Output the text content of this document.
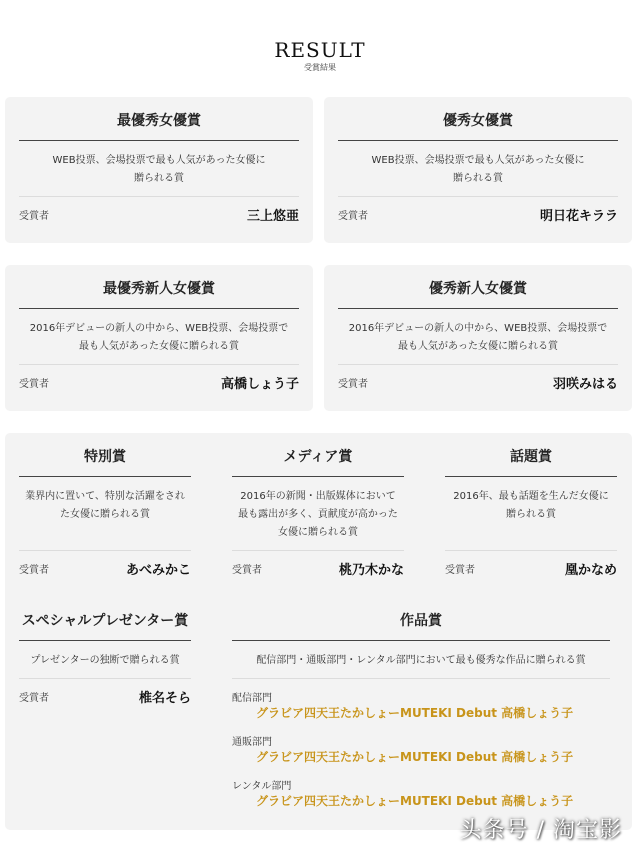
RESULT
受賞結果
最優秀女優賞
WEB投票、会場投票で最も人気があった女優に
贈られる賞
受賞者	三上悠亜
優秀女優賞
WEB投票、会場投票で最も人気があった女優に
贈られる賞
受賞者	明日花キララ
最優秀新人女優賞
2016年デビューの新人の中から、WEB投票、会場投票で
最も人気があった女優に贈られる賞
受賞者	高橋しょう子
優秀新人女優賞
2016年デビューの新人の中から、WEB投票、会場投票で
最も人気があった女優に贈られる賞
受賞者	羽咲みはる
特別賞
業界内に置いて、特別な活躍をされ
た女優に贈られる賞
受賞者	あべみかこ
メディア賞
2016年の新聞・出版媒体において
最も露出が多く、貢献度が高かった
女優に贈られる賞
受賞者	桃乃木かな
話題賞
2016年、最も話題を生んだ女優に
贈られる賞
受賞者	凰かなめ
スペシャルプレゼンター賞
プレゼンターの独断で贈られる賞
受賞者	椎名そら
作品賞
配信部門・通販部門・レンタル部門において最も優秀な作品に贈られる賞
配信部門
グラビア四天王たかしょーMUTEKI Debut 高橋しょう子
通販部門
グラビア四天王たかしょーMUTEKI Debut 高橋しょう子
レンタル部門
グラビア四天王たかしょーMUTEKI Debut 高橋しょう子
头条号 / 淘宝影
